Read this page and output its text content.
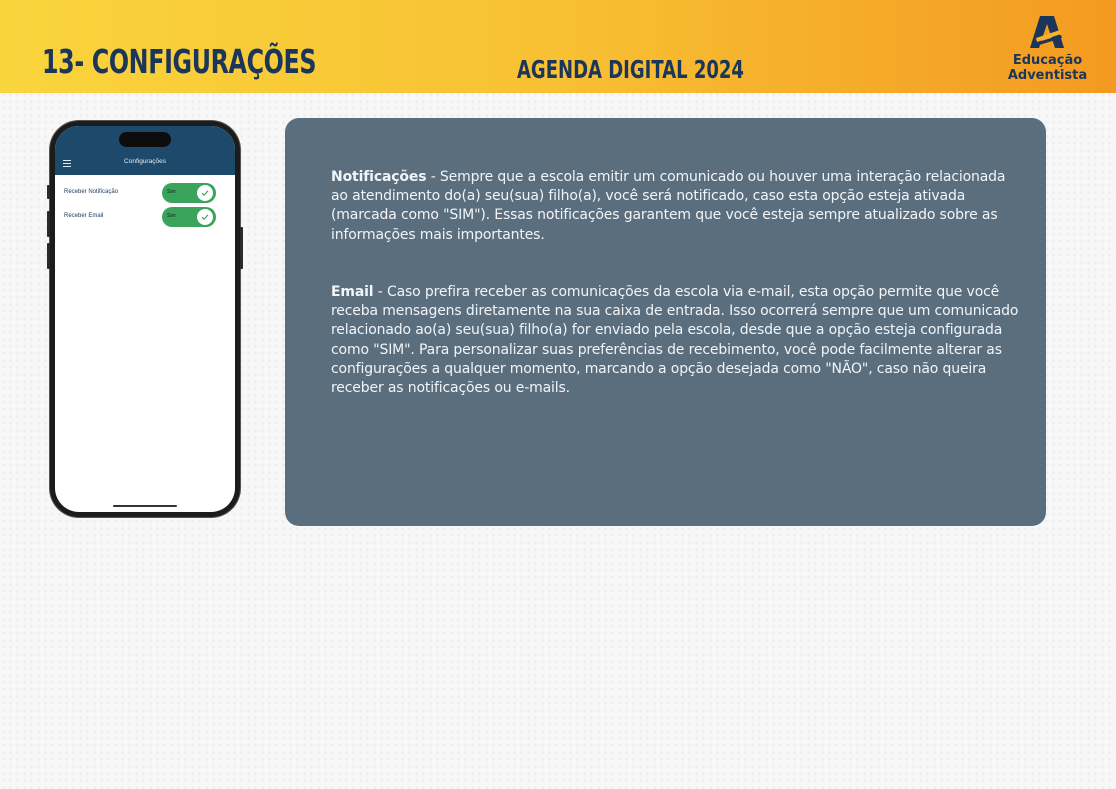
13- CONFIGURAÇÕES	AGENDA DIGITAL 2024	Educação
Adventista
Configurações
Receber Notificação	Sim
Receber Email	Sim

Notificações - Sempre que a escola emitir um comunicado ou houver uma interação relacionada ao atendimento do(a) seu(sua) filho(a), você será notificado, caso esta opção esteja ativada (marcada como "SIM"). Essas notificações garantem que você esteja sempre atualizado sobre as informações mais importantes.

Email - Caso prefira receber as comunicações da escola via e-mail, esta opção permite que você receba mensagens diretamente na sua caixa de entrada. Isso ocorrerá sempre que um comunicado relacionado ao(a) seu(sua) filho(a) for enviado pela escola, desde que a opção esteja configurada como "SIM". Para personalizar suas preferências de recebimento, você pode facilmente alterar as configurações a qualquer momento, marcando a opção desejada como "NÃO", caso não queira receber as notificações ou e-mails.
